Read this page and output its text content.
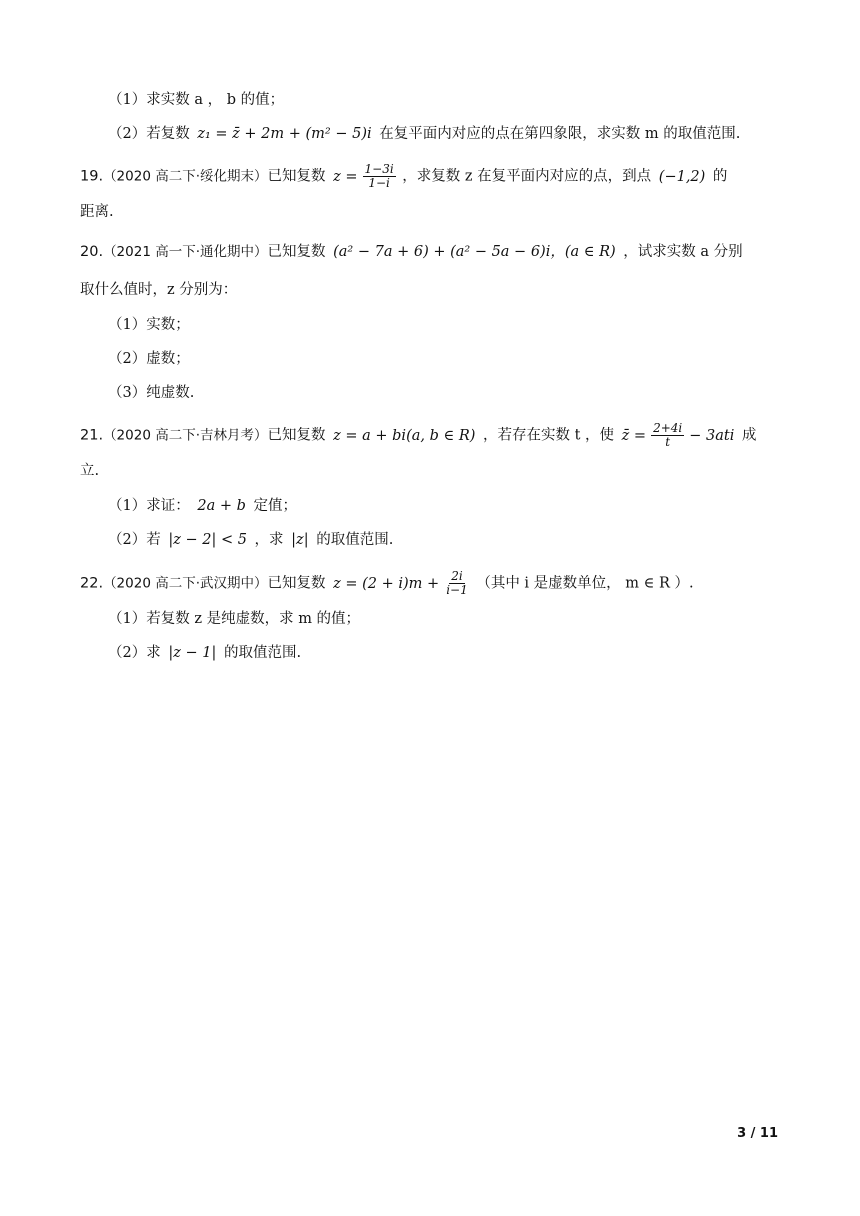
（1）求实数 a ， b 的值；
（2）若复数 z₁ = z̄ + 2m + (m² − 5)i 在复平面内对应的点在第四象限，求实数 m 的取值范围.
19.（2020 高二下·绥化期末）已知复数 $z = \frac{1-3i}{1-i}$ ，求复数 z 在复平面内对应的点，到点 (−1,2) 的
距离.
20.（2021 高一下·通化期中）已知复数 (a² − 7a + 6) + (a² − 5a − 6)i，(a ∈ R) ，试求实数 a 分别
取什么值时，z 分别为：
（1）实数；
（2）虚数；
（3）纯虚数.
21.（2020 高二下·吉林月考）已知复数 z = a + bi(a, b ∈ R) ，若存在实数 t ，使 z̄ = $\frac{2+4i}{t} - 3ati$ 成
立.
（1）求证： 2a + b 定值；
（2）若 |z − 2| < 5 ，求 |z| 的取值范围.
22.（2020 高二下·武汉期中）已知复数 $z = (2 + i)m + \frac{2i}{i-1}$ （其中 i 是虚数单位， m ∈ R ）.
（1）若复数 z 是纯虚数，求 m 的值；
（2）求 |z − 1| 的取值范围.
3 / 11
